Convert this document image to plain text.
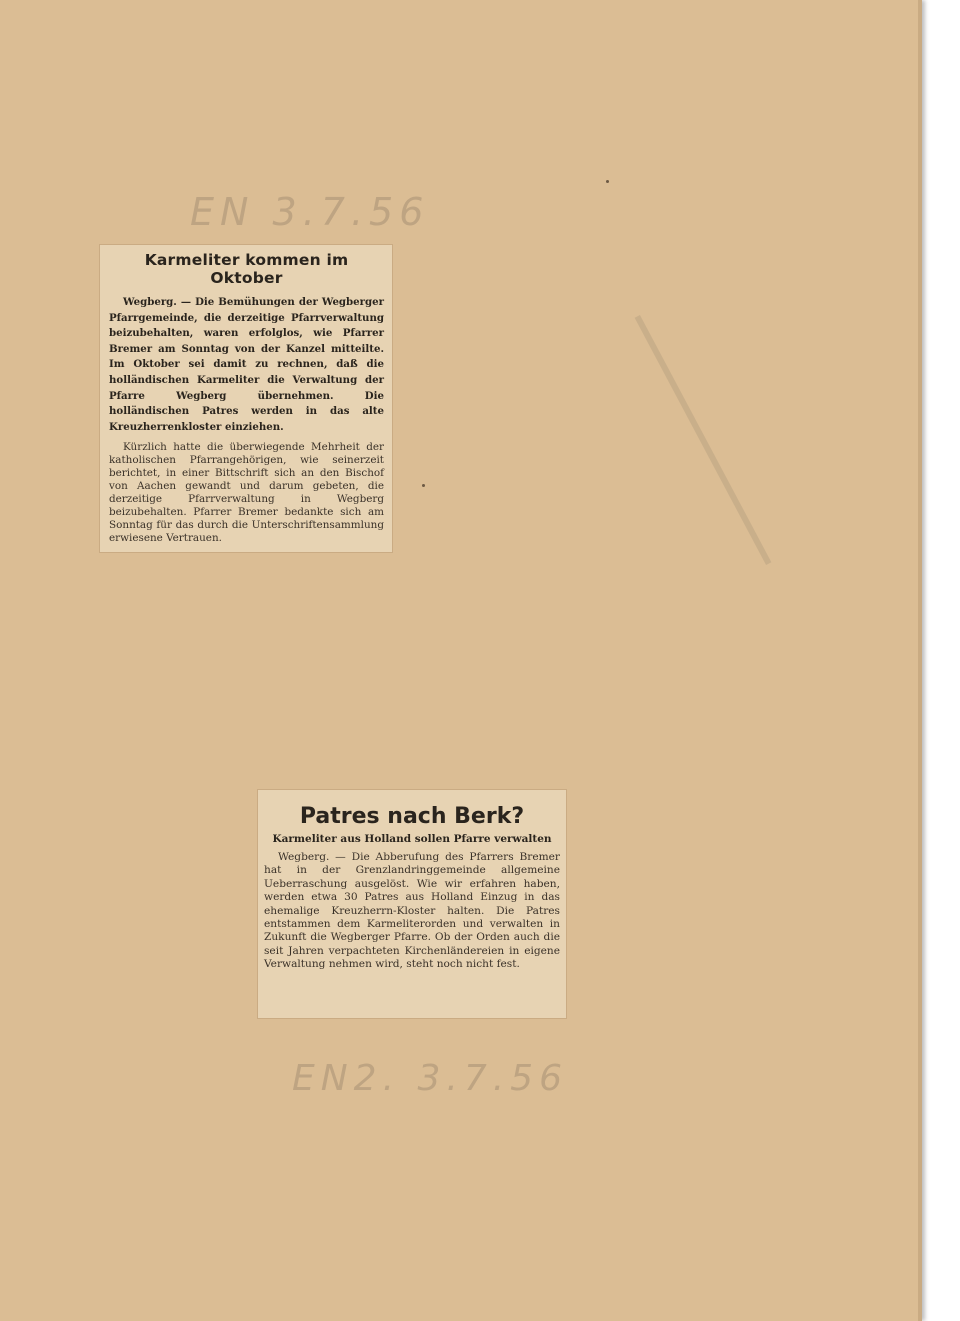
EN 3.7.56
Karmeliter kommen im Oktober

Wegberg. — Die Bemühungen der Wegberger Pfarrgemeinde, die derzeitige Pfarrverwaltung beizubehalten, waren erfolglos, wie Pfarrer Bremer am Sonntag von der Kanzel mitteilte. Im Oktober sei damit zu rechnen, daß die holländischen Karmeliter die Verwaltung der Pfarre Wegberg übernehmen. Die holländischen Patres werden in das alte Kreuzherrenkloster einziehen.

Kürzlich hatte die überwiegende Mehrheit der katholischen Pfarrangehörigen, wie seinerzeit berichtet, in einer Bittschrift sich an den Bischof von Aachen gewandt und darum gebeten, die derzeitige Pfarrverwaltung in Wegberg beizubehalten. Pfarrer Bremer bedankte sich am Sonntag für das durch die Unterschriftensammlung erwiesene Vertrauen.

Patres nach Berk?
Karmeliter aus Holland sollen Pfarre verwalten

Wegberg. — Die Abberufung des Pfarrers Bremer hat in der Grenzlandringgemeinde allgemeine Ueberraschung ausgelöst. Wie wir erfahren haben, werden etwa 30 Patres aus Holland Einzug in das ehemalige Kreuzherrn-Kloster halten. Die Patres entstammen dem Karmeliterorden und verwalten in Zukunft die Wegberger Pfarre. Ob der Orden auch die seit Jahren verpachteten Kirchenländereien in eigene Verwaltung nehmen wird, steht noch nicht fest.

EN2. 3.7.56
